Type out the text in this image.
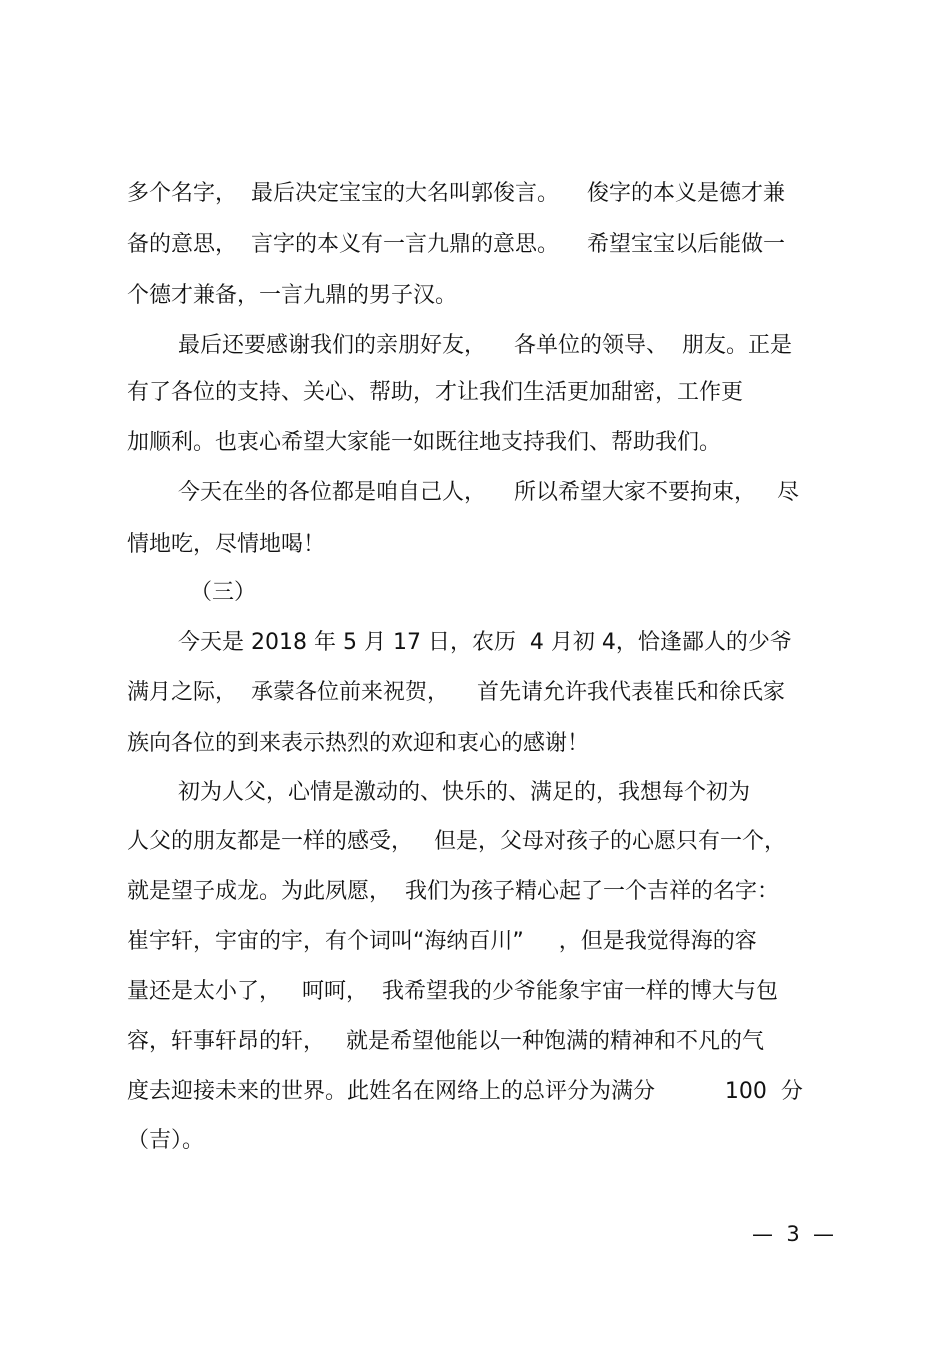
多个名字，  最后决定宝宝的大名叫郭俊言。    俊字的本义是德才兼
备的意思，  言字的本义有一言九鼎的意思。    希望宝宝以后能做一
个德才兼备，一言九鼎的男子汉。
最后还要感谢我们的亲朋好友，    各单位的领导、  朋友。正是
有了各位的支持、关心、帮助，才让我们生活更加甜密，工作更
加顺利。也衷心希望大家能一如既往地支持我们、帮助我们。
今天在坐的各位都是咱自己人，    所以希望大家不要拘束，   尽
情地吃，尽情地喝！
（三）
今天是 2018 年 5 月 17 日，农历  4 月初 4，恰逢鄙人的少爷
满月之际，  承蒙各位前来祝贺，    首先请允许我代表崔氏和徐氏家
族向各位的到来表示热烈的欢迎和衷心的感谢！
初为人父，心情是激动的、快乐的、满足的，我想每个初为
人父的朋友都是一样的感受，   但是，父母对孩子的心愿只有一个，
就是望子成龙。为此夙愿，  我们为孩子精心起了一个吉祥的名字：
崔宇轩，宇宙的宇，有个词叫“海纳百川”     ，但是我觉得海的容
量还是太小了，   呵呵，  我希望我的少爷能象宇宙一样的博大与包
容，轩事轩昂的轩，   就是希望他能以一种饱满的精神和不凡的气
度去迎接未来的世界。此姓名在网络上的总评分为满分          100  分
（吉）。
—  3  —
